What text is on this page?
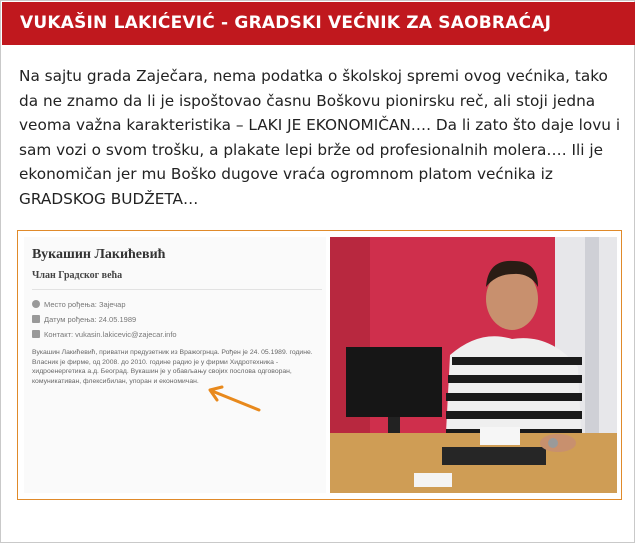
VUKAŠIN LAKIĆEVIĆ - GRADSKI VEĆNIK ZA SAOBRAĆAJ

Na sajtu grada Zaječara, nema podatka o školskoj spremi ovog većnika, tako da ne znamo da li je ispoštovao časnu Boškovu pionirsku reč, ali stoji jedna veoma važna karakteristika – LAKI JE EKONOMIČAN…. Da li zato što daje lovu i sam vozi o svom trošku, a plakate lepi brže od profesionalnih molera…. Ili je ekonomičan jer mu Boško dugove vraća ogromnom platom većnika iz GRADSKOG BUDŽETA…

Вукашин Лакићевић
Члан Градског већа
Место рођења: Зајечар
Датум рођења: 24.05.1989
Контакт: vukasin.lakicevic@zajecar.info

Вукашин Лакићевић, приватни предузетник из Вражогрнца. Рођен је 24. 05.1989. године. Власник је фирме, од 2008. до 2010. године радио је у фирми Хидротехника - хидроенергетика а.д. Београд. Вукашин је у обављању својих послова одговоран, комуникативан, флексибилан, упоран и економичан.
